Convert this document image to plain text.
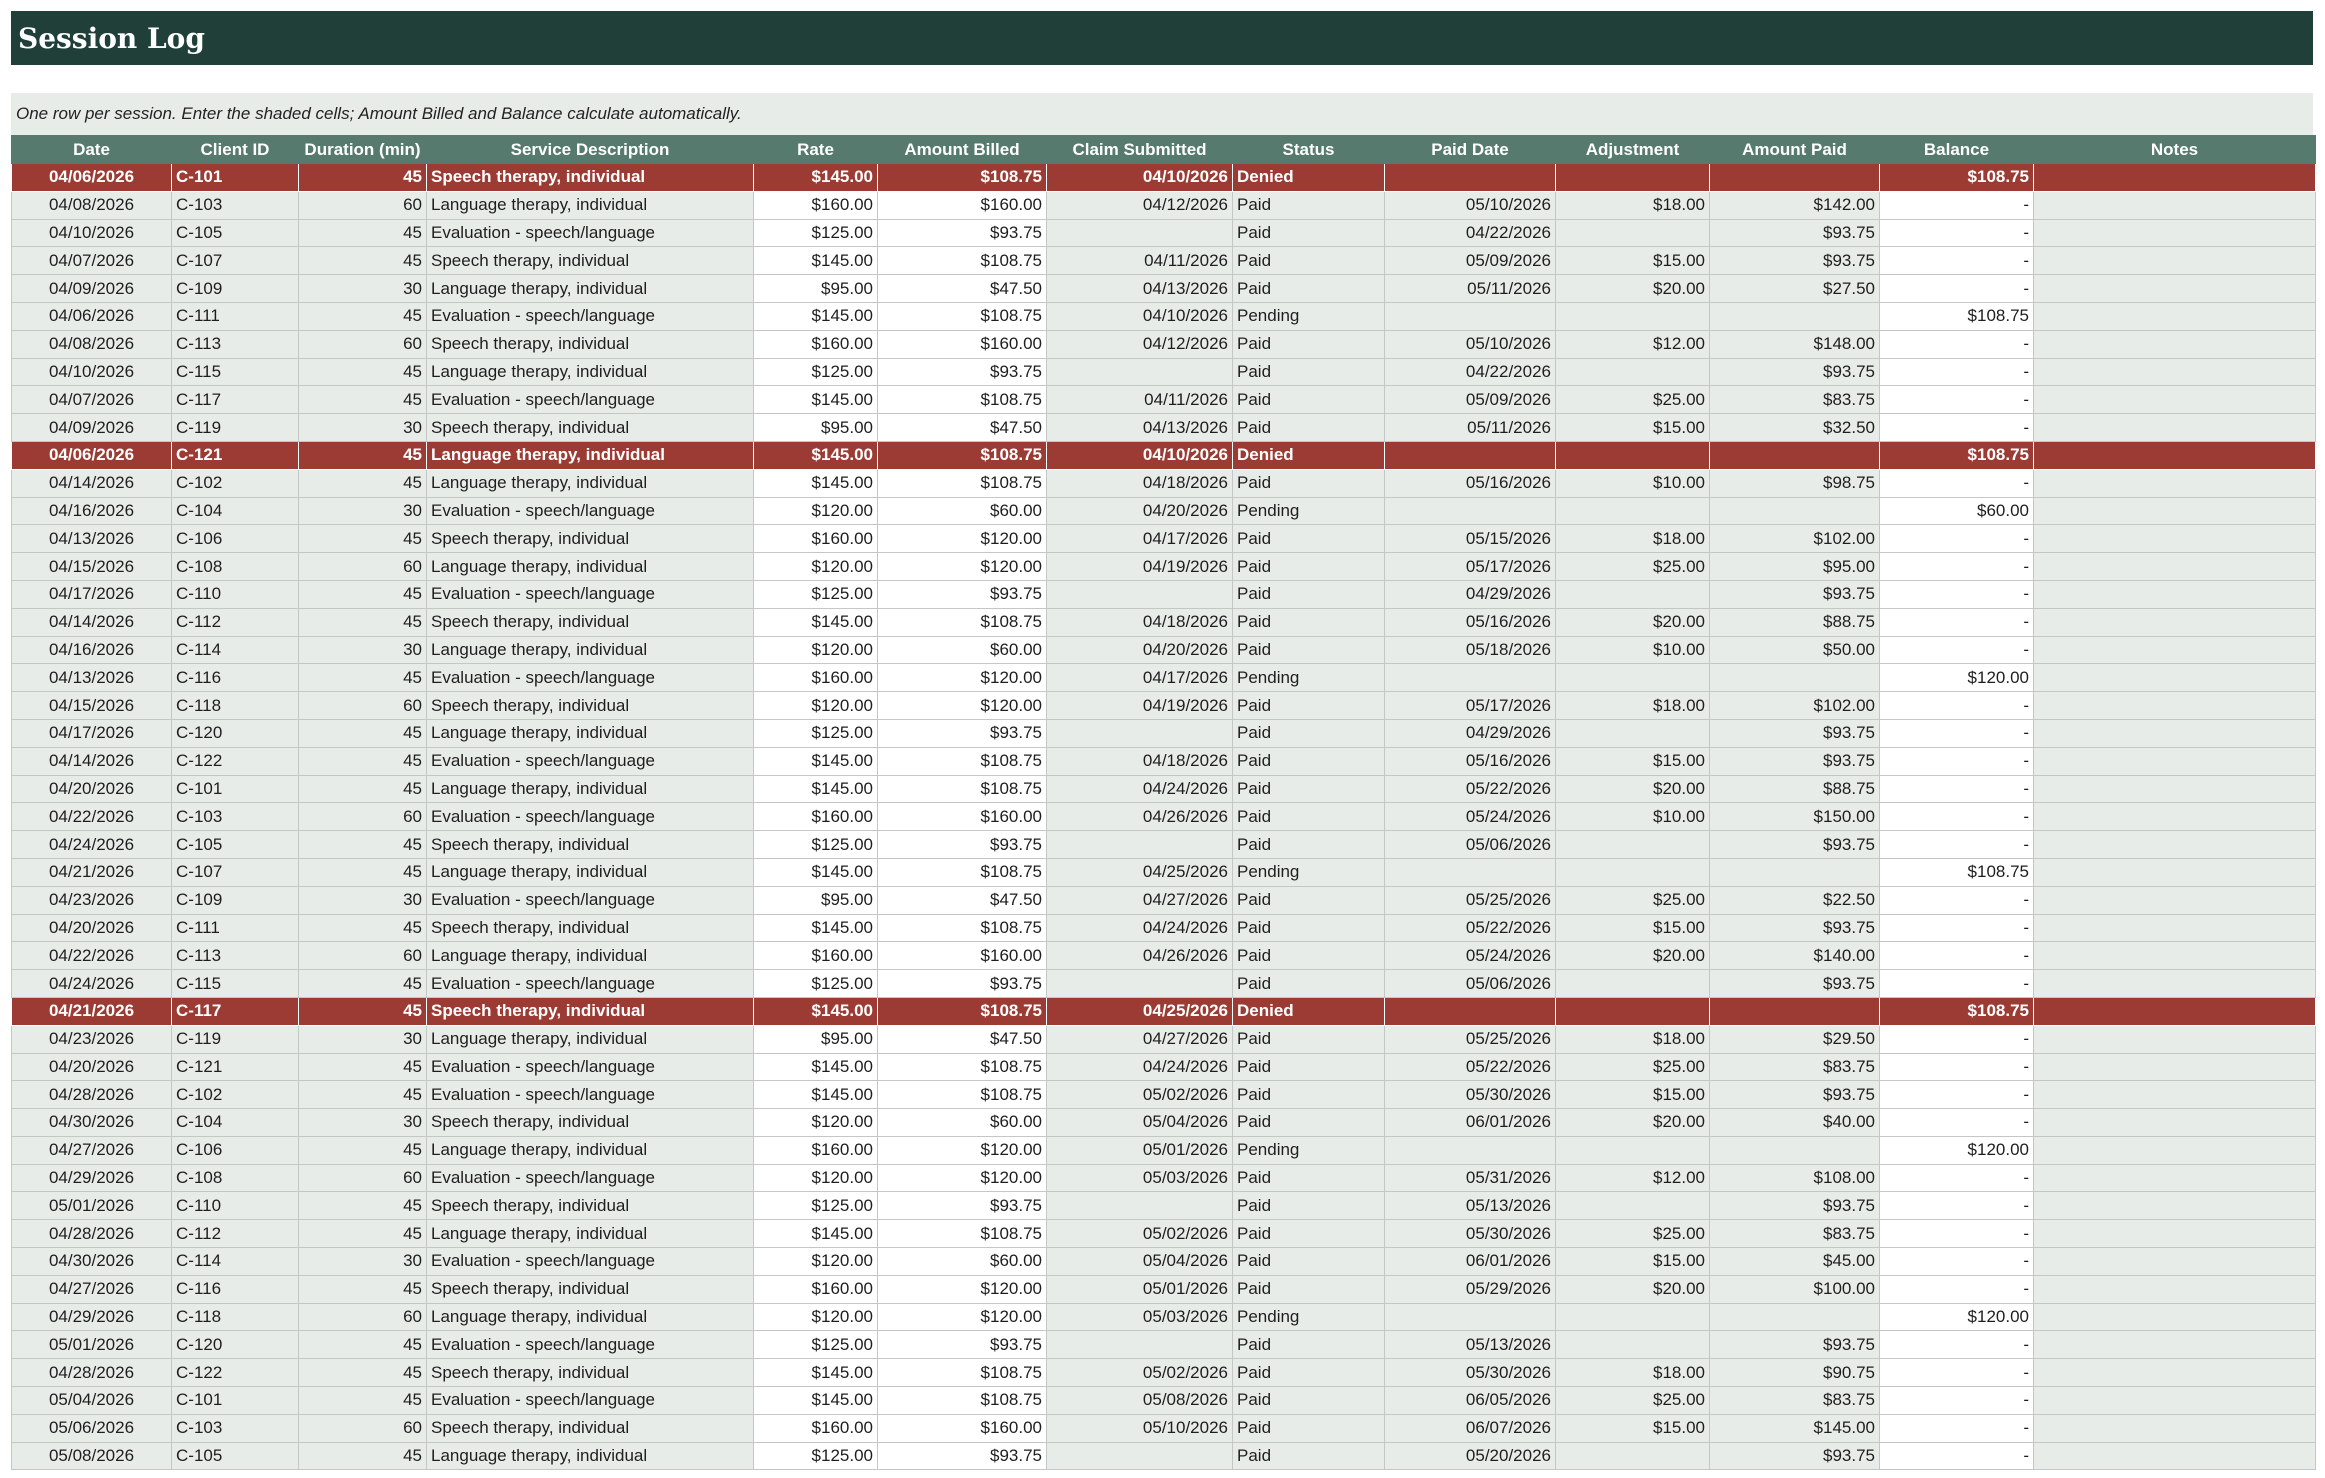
Session Log
One row per session. Enter the shaded cells; Amount Billed and Balance calculate automatically.
Date	Client ID	Duration (min)	Service Description	Rate	Amount Billed	Claim Submitted	Status	Paid Date	Adjustment	Amount Paid	Balance	Notes
04/06/2026	C-101	45	Speech therapy, individual	$145.00	$108.75	04/10/2026	Denied				$108.75	
04/08/2026	C-103	60	Language therapy, individual	$160.00	$160.00	04/12/2026	Paid	05/10/2026	$18.00	$142.00	-	
04/10/2026	C-105	45	Evaluation - speech/language	$125.00	$93.75		Paid	04/22/2026		$93.75	-	
04/07/2026	C-107	45	Speech therapy, individual	$145.00	$108.75	04/11/2026	Paid	05/09/2026	$15.00	$93.75	-	
04/09/2026	C-109	30	Language therapy, individual	$95.00	$47.50	04/13/2026	Paid	05/11/2026	$20.00	$27.50	-	
04/06/2026	C-111	45	Evaluation - speech/language	$145.00	$108.75	04/10/2026	Pending				$108.75	
04/08/2026	C-113	60	Speech therapy, individual	$160.00	$160.00	04/12/2026	Paid	05/10/2026	$12.00	$148.00	-	
04/10/2026	C-115	45	Language therapy, individual	$125.00	$93.75		Paid	04/22/2026		$93.75	-	
04/07/2026	C-117	45	Evaluation - speech/language	$145.00	$108.75	04/11/2026	Paid	05/09/2026	$25.00	$83.75	-	
04/09/2026	C-119	30	Speech therapy, individual	$95.00	$47.50	04/13/2026	Paid	05/11/2026	$15.00	$32.50	-	
04/06/2026	C-121	45	Language therapy, individual	$145.00	$108.75	04/10/2026	Denied				$108.75	
04/14/2026	C-102	45	Language therapy, individual	$145.00	$108.75	04/18/2026	Paid	05/16/2026	$10.00	$98.75	-	
04/16/2026	C-104	30	Evaluation - speech/language	$120.00	$60.00	04/20/2026	Pending				$60.00	
04/13/2026	C-106	45	Speech therapy, individual	$160.00	$120.00	04/17/2026	Paid	05/15/2026	$18.00	$102.00	-	
04/15/2026	C-108	60	Language therapy, individual	$120.00	$120.00	04/19/2026	Paid	05/17/2026	$25.00	$95.00	-	
04/17/2026	C-110	45	Evaluation - speech/language	$125.00	$93.75		Paid	04/29/2026		$93.75	-	
04/14/2026	C-112	45	Speech therapy, individual	$145.00	$108.75	04/18/2026	Paid	05/16/2026	$20.00	$88.75	-	
04/16/2026	C-114	30	Language therapy, individual	$120.00	$60.00	04/20/2026	Paid	05/18/2026	$10.00	$50.00	-	
04/13/2026	C-116	45	Evaluation - speech/language	$160.00	$120.00	04/17/2026	Pending				$120.00	
04/15/2026	C-118	60	Speech therapy, individual	$120.00	$120.00	04/19/2026	Paid	05/17/2026	$18.00	$102.00	-	
04/17/2026	C-120	45	Language therapy, individual	$125.00	$93.75		Paid	04/29/2026		$93.75	-	
04/14/2026	C-122	45	Evaluation - speech/language	$145.00	$108.75	04/18/2026	Paid	05/16/2026	$15.00	$93.75	-	
04/20/2026	C-101	45	Language therapy, individual	$145.00	$108.75	04/24/2026	Paid	05/22/2026	$20.00	$88.75	-	
04/22/2026	C-103	60	Evaluation - speech/language	$160.00	$160.00	04/26/2026	Paid	05/24/2026	$10.00	$150.00	-	
04/24/2026	C-105	45	Speech therapy, individual	$125.00	$93.75		Paid	05/06/2026		$93.75	-	
04/21/2026	C-107	45	Language therapy, individual	$145.00	$108.75	04/25/2026	Pending				$108.75	
04/23/2026	C-109	30	Evaluation - speech/language	$95.00	$47.50	04/27/2026	Paid	05/25/2026	$25.00	$22.50	-	
04/20/2026	C-111	45	Speech therapy, individual	$145.00	$108.75	04/24/2026	Paid	05/22/2026	$15.00	$93.75	-	
04/22/2026	C-113	60	Language therapy, individual	$160.00	$160.00	04/26/2026	Paid	05/24/2026	$20.00	$140.00	-	
04/24/2026	C-115	45	Evaluation - speech/language	$125.00	$93.75		Paid	05/06/2026		$93.75	-	
04/21/2026	C-117	45	Speech therapy, individual	$145.00	$108.75	04/25/2026	Denied				$108.75	
04/23/2026	C-119	30	Language therapy, individual	$95.00	$47.50	04/27/2026	Paid	05/25/2026	$18.00	$29.50	-	
04/20/2026	C-121	45	Evaluation - speech/language	$145.00	$108.75	04/24/2026	Paid	05/22/2026	$25.00	$83.75	-	
04/28/2026	C-102	45	Evaluation - speech/language	$145.00	$108.75	05/02/2026	Paid	05/30/2026	$15.00	$93.75	-	
04/30/2026	C-104	30	Speech therapy, individual	$120.00	$60.00	05/04/2026	Paid	06/01/2026	$20.00	$40.00	-	
04/27/2026	C-106	45	Language therapy, individual	$160.00	$120.00	05/01/2026	Pending				$120.00	
04/29/2026	C-108	60	Evaluation - speech/language	$120.00	$120.00	05/03/2026	Paid	05/31/2026	$12.00	$108.00	-	
05/01/2026	C-110	45	Speech therapy, individual	$125.00	$93.75		Paid	05/13/2026		$93.75	-	
04/28/2026	C-112	45	Language therapy, individual	$145.00	$108.75	05/02/2026	Paid	05/30/2026	$25.00	$83.75	-	
04/30/2026	C-114	30	Evaluation - speech/language	$120.00	$60.00	05/04/2026	Paid	06/01/2026	$15.00	$45.00	-	
04/27/2026	C-116	45	Speech therapy, individual	$160.00	$120.00	05/01/2026	Paid	05/29/2026	$20.00	$100.00	-	
04/29/2026	C-118	60	Language therapy, individual	$120.00	$120.00	05/03/2026	Pending				$120.00	
05/01/2026	C-120	45	Evaluation - speech/language	$125.00	$93.75		Paid	05/13/2026		$93.75	-	
04/28/2026	C-122	45	Speech therapy, individual	$145.00	$108.75	05/02/2026	Paid	05/30/2026	$18.00	$90.75	-	
05/04/2026	C-101	45	Evaluation - speech/language	$145.00	$108.75	05/08/2026	Paid	06/05/2026	$25.00	$83.75	-	
05/06/2026	C-103	60	Speech therapy, individual	$160.00	$160.00	05/10/2026	Paid	06/07/2026	$15.00	$145.00	-	
05/08/2026	C-105	45	Language therapy, individual	$125.00	$93.75		Paid	05/20/2026		$93.75	-	
